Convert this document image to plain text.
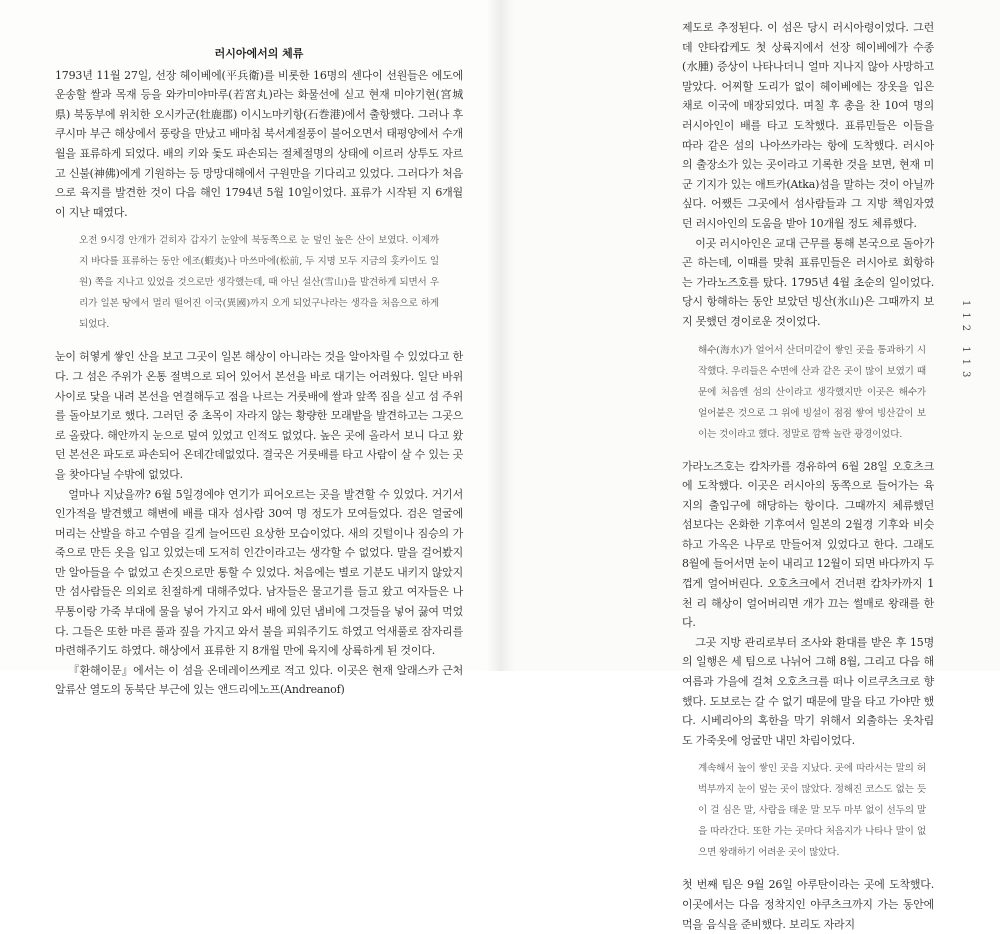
러시아에서의 체류

1793년 11월 27일, 선장 헤이베에(平兵衛)를 비롯한 16명의 센다이 선원들은 에도에 운송할 쌀과 목재 등을 와카미야마루(若宮丸)라는 화물선에 싣고 현재 미야기현(宮城県) 북동부에 위치한 오시카군(牡鹿郡) 이시노마키항(石巻港)에서 출항했다. 그러나 후쿠시마 부근 해상에서 풍랑을 만났고 배마침 북서계절풍이 불어오면서 태평양에서 수개월을 표류하게 되었다. 배의 키와 돛도 파손되는 절체절명의 상태에 이르러 상투도 자르고 신불(神佛)에게 기원하는 등 망망대해에서 구원만을 기다리고 있었다. 그러다가 처음으로 육지를 발견한 것이 다음 해인 1794년 5월 10일이었다. 표류가 시작된 지 6개월이 지난 때였다.

오전 9시경 안개가 걷히자 갑자기 눈앞에 북동쪽으로 눈 덮인 높은 산이 보였다. 이제까지 바다를 표류하는 동안 에조(蝦夷)나 마쓰마에(松前, 두 지명 모두 지금의 홋카이도 일원) 쪽을 지나고 있었을 것으로만 생각했는데, 때 아닌 설산(雪山)을 발견하게 되면서 우리가 일본 땅에서 멀리 떨어진 이국(異國)까지 오게 되었구나라는 생각을 처음으로 하게 되었다.

눈이 허옇게 쌓인 산을 보고 그곳이 일본 해상이 아니라는 것을 알아차릴 수 있었다고 한다. 그 섬은 주위가 온통 절벽으로 되어 있어서 본선을 바로 대기는 어려웠다. 일단 바위 사이로 닻을 내려 본선을 연결해두고 점을 나르는 거룻배에 쌀과 앞쪽 짐을 싣고 섬 주위를 돌아보기로 했다. 그러던 중 초목이 자라지 않는 황량한 모래밭을 발견하고는 그곳으로 올랐다. 해안까지 눈으로 덮여 있었고 인적도 없었다. 높은 곳에 올라서 보니 다고 왔던 본선은 파도로 파손되어 온데간데없었다. 결국은 거룻배를 타고 사람이 살 수 있는 곳을 찾아다닐 수밖에 없었다.

얼마나 지났을까? 6월 5일경에야 연기가 피어오르는 곳을 발견할 수 있었다. 거기서 인가적을 발견했고 해변에 배를 대자 섬사람 30여 명 정도가 모여들었다. 검은 얼굴에 머리는 산발을 하고 수염을 길게 늘어뜨린 요상한 모습이었다. 새의 깃털이나 짐승의 가죽으로 만든 옷을 입고 있었는데 도저히 인간이라고는 생각할 수 없었다. 말을 걸어봤지만 알아들을 수 없었고 손짓으로만 통할 수 있었다. 처음에는 별로 기분도 내키지 않았지만 섬사람들은 의외로 친절하게 대해주었다. 남자들은 물고기를 들고 왔고 여자들은 나무통이랑 가죽 부대에 물을 넣어 가지고 와서 배에 있던 냄비에 그것들을 넣어 끓여 먹었다. 그들은 또한 마른 풀과 짚을 가지고 와서 불을 피워주기도 하였고 억새풀로 잠자리를 마련해주기도 하였다. 해상에서 표류한 지 8개월 만에 육지에 상륙하게 된 것이다.

『환해이문』에서는 이 섬을 온데레이쓰케로 적고 있다. 이곳은 현재 알래스카 근처 알류산 열도의 동북단 부근에 있는 앤드리에노프(Andreanof)

제도로 추정된다. 이 섬은 당시 러시아령이었다. 그런데 얀타캅케도 첫 상륙지에서 선장 헤이베에가 수종(水腫) 증상이 나타나더니 얼마 지나지 않아 사망하고 말았다. 어찌할 도리가 없이 헤이베에는 장옷을 입은 채로 이국에 매장되었다. 며칠 후 총을 찬 10여 명의 러시아인이 배를 타고 도착했다. 표류민들은 이들을 따라 같은 섬의 나아쓰카라는 항에 도착했다. 러시아의 출장소가 있는 곳이라고 기록한 것을 보면, 현재 미군 기지가 있는 애트카(Atka)섬을 말하는 것이 아닐까 싶다. 어쨌든 그곳에서 섬사람들과 그 지방 책임자였던 러시아인의 도움을 받아 10개월 정도 체류했다.

이곳 러시아인은 교대 근무를 통해 본국으로 돌아가곤 하는데, 이때를 맞춰 표류민들은 러시아로 회항하는 가라노즈호를 탔다. 1795년 4월 초순의 일이었다. 당시 항해하는 동안 보았던 빙산(氷山)은 그때까지 보지 못했던 경이로운 것이었다.

해수(海水)가 얼어서 산더미같이 쌓인 곳을 통과하기 시작했다. 우리들은 수면에 산과 같은 곳이 많이 보였기 때문에 처음엔 섬의 산이라고 생각했지만 이곳은 해수가 얼어붙은 것으로 그 위에 빙설이 점점 쌓여 빙산같이 보이는 것이라고 했다. 정말로 깜짝 놀란 광경이었다.

가라노즈호는 캄차카를 경유하여 6월 28일 오호츠크에 도착했다. 이곳은 러시아의 동쪽으로 들어가는 육지의 출입구에 해당하는 항이다. 그때까지 체류했던 섬보다는 온화한 기후여서 일본의 2월경 기후와 비슷하고 가옥은 나무로 만들어져 있었다고 한다. 그래도 8월에 들어서면 눈이 내리고 12월이 되면 바다까지 두껍게 얼어버린다. 오호츠크에서 건너편 캄차카까지 1천 리 해상이 얼어버리면 개가 끄는 썰매로 왕래를 한다.

그곳 지방 관리로부터 조사와 환대를 받은 후 15명의 일행은 세 팀으로 나뉘어 그해 8월, 그리고 다음 해 여름과 가을에 걸쳐 오호츠크를 떠나 이르쿠츠크로 향했다. 도보로는 갈 수 없기 때문에 말을 타고 가야만 했다. 시베리아의 혹한을 막기 위해서 외출하는 옷차림도 가죽옷에 엉굴만 내민 차림이었다.

계속해서 높이 쌓인 곳을 지났다. 곳에 따라서는 말의 허벅부까지 눈이 덮는 곳이 많았다. 정해진 코스도 없는 듯이 걸 심은 말, 사람을 태운 말 모두 마부 없이 선두의 말을 따라간다. 또한 가는 곳마다 처음지가 나타나 말이 없으면 왕래하기 어려운 곳이 많았다.

첫 번째 팀은 9월 26일 아루탄이라는 곳에 도착했다. 이곳에서는 다음 정착지인 야쿠츠크까지 가는 동안에 먹을 음식을 준비했다. 보리도 자라지

112 113
